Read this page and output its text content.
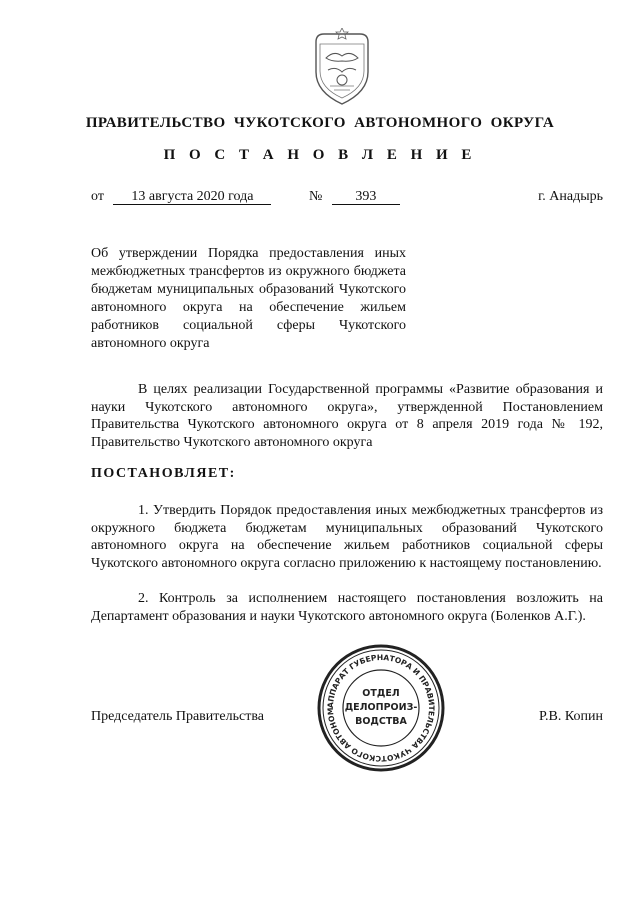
ПРАВИТЕЛЬСТВО  ЧУКОТСКОГО  АВТОНОМНОГО  ОКРУГА
П О С Т А Н О В Л Е Н И Е
от 13 августа 2020 года	№ 393	г. Анадырь
Об утверждении Порядка предоставления иных межбюджетных трансфертов из окружного бюджета бюджетам муниципальных образований Чукотского автономного округа на обеспечение жильем работников социальной сферы Чукотского автономного округа
В целях реализации Государственной программы «Развитие образования и науки Чукотского автономного округа», утвержденной Постановлением Правительства Чукотского автономного округа от 8 апреля 2019 года № 192, Правительство Чукотского автономного округа
ПОСТАНОВЛЯЕТ:
1. Утвердить Порядок предоставления иных межбюджетных трансфертов из окружного бюджета бюджетам муниципальных образований Чукотского автономного округа на обеспечение жильем работников социальной сферы Чукотского автономного округа согласно приложению к настоящему постановлению.
2. Контроль за исполнением настоящего постановления возложить на Департамент образования и науки Чукотского автономного округа (Боленков А.Г.).
Председатель Правительства	Р.В. Копин
АППАРАТ ГУБЕРНАТОРА И ПРАВИТЕЛЬСТВА ЧУКОТСКОГО АВТОНОМ
ОТДЕЛ
ДЕЛОПРОИЗ-
ВОДСТВА
